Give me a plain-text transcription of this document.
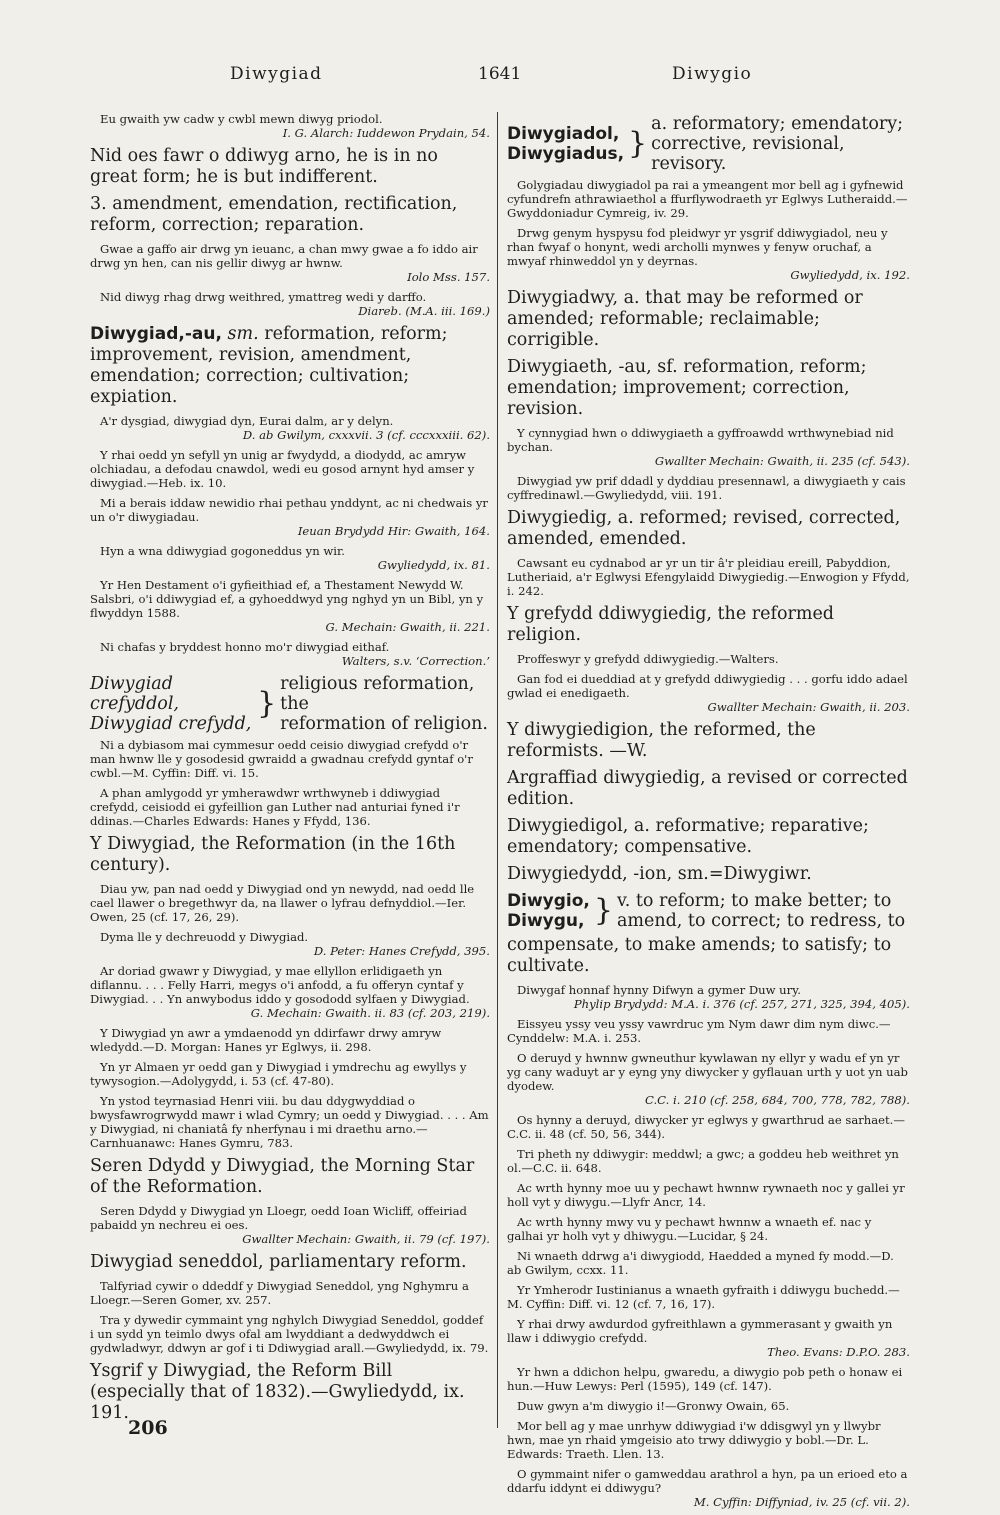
Diwygiad	1641	Diwygio

Eu gwaith yw cadw y cwbl mewn diwyg priodol.

I. G. Alarch: Iuddewon Prydain, 54.

Nid oes fawr o ddiwyg arno, he is in no great form; he is but indifferent.

3. amendment, emendation, rectification, reform, correction; reparation.

Gwae a gaffo air drwg yn ieuanc, a chan mwy gwae a fo iddo air drwg yn hen, can nis gellir diwyg ar hwnw.

Iolo Mss. 157.

Nid diwyg rhag drwg weithred, ymattreg wedi y darffo.

Diareb. (M.A. iii. 169.)

Diwygiad,-au, sm. reformation, reform; improvement, revision, amendment, emendation; correction; cultivation; expiation.

A'r dysgiad, diwygiad dyn, Eurai dalm, ar y delyn.

D. ab Gwilym, cxxxvii. 3 (cf. cccxxxiii. 62).

Y rhai oedd yn sefyll yn unig ar fwydydd, a diodydd, ac amryw olchiadau, a defodau cnawdol, wedi eu gosod arnynt hyd amser y diwygiad.—Heb. ix. 10.

Mi a berais iddaw newidio rhai pethau ynddynt, ac ni chedwais yr un o'r diwygiadau.

Ieuan Brydydd Hir: Gwaith, 164.

Hyn a wna ddiwygiad gogoneddus yn wir.

Gwyliedydd, ix. 81.

Yr Hen Destament o'i gyfieithiad ef, a Thestament Newydd W. Salsbri, o'i ddiwygiad ef, a gyhoeddwyd yng nghyd yn un Bibl, yn y flwyddyn 1588.

G. Mechain: Gwaith, ii. 221.

Ni chafas y bryddest honno mo'r diwygiad eithaf.

Walters, s.v. ‘Correction.’

Diwygiad crefyddol,
Diwygiad crefydd,
}
religious reformation, the
reformation of religion.

Ni a dybiasom mai cymmesur oedd ceisio diwygiad crefydd o'r man hwnw lle y gosodesid gwraidd a gwadnau crefydd gyntaf o'r cwbl.—M. Cyffin: Diff. vi. 15.

A phan amlygodd yr ymherawdwr wrthwyneb i ddiwygiad crefydd, ceisiodd ei gyfeillion gan Luther nad anturiai fyned i'r ddinas.—Charles Edwards: Hanes y Ffydd, 136.

Y Diwygiad, the Reformation (in the 16th century).

Diau yw, pan nad oedd y Diwygiad ond yn newydd, nad oedd lle cael llawer o bregethwyr da, na llawer o lyfrau defnyddiol.—Ier. Owen, 25 (cf. 17, 26, 29).

Dyma lle y dechreuodd y Diwygiad.

D. Peter: Hanes Crefydd, 395.

Ar doriad gwawr y Diwygiad, y mae ellyllon erlidigaeth yn diflannu. . . . Felly Harri, megys o'i anfodd, a fu offeryn cyntaf y Diwygiad. . . Yn anwybodus iddo y gosododd sylfaen y Diwygiad.

G. Mechain: Gwaith. ii. 83 (cf. 203, 219).

Y Diwygiad yn awr a ymdaenodd yn ddirfawr drwy amryw wledydd.—D. Morgan: Hanes yr Eglwys, ii. 298.

Yn yr Almaen yr oedd gan y Diwygiad i ymdrechu ag ewyllys y tywysogion.—Adolygydd, i. 53 (cf. 47-80).

Yn ystod teyrnasiad Henri viii. bu dau ddygwyddiad o bwysfawrogrwydd mawr i wlad Cymry; un oedd y Diwygiad. . . . Am y Diwygiad, ni chaniatâ fy nherfynau i mi draethu arno.—Carnhuanawc: Hanes Gymru, 783.

Seren Ddydd y Diwygiad, the Morning Star of the Reformation.

Seren Ddydd y Diwygiad yn Lloegr, oedd Ioan Wicliff, offeiriad pabaidd yn nechreu ei oes.

Gwallter Mechain: Gwaith, ii. 79 (cf. 197).

Diwygiad seneddol, parliamentary reform.

Talfyriad cywir o ddeddf y Diwygiad Seneddol, yng Nghymru a Lloegr.—Seren Gomer, xv. 257.

Tra y dywedir cymmaint yng nghylch Diwygiad Seneddol, goddef i un sydd yn teimlo dwys ofal am lwyddiant a dedwyddwch ei gydwladwyr, ddwyn ar gof i ti Ddiwygiad arall.—Gwyliedydd, ix. 79.

Ysgrif y Diwygiad, the Reform Bill (especially that of 1832).—Gwyliedydd, ix. 191.

206
Diwygiadol,
Diwygiadus, }
a. reformatory; emendatory;
corrective, revisional, revisory.

Golygiadau diwygiadol pa rai a ymeangent mor bell ag i gyfnewid cyfundrefn athrawiaethol a ffurflywodraeth yr Eglwys Lutheraidd.—Gwyddoniadur Cymreig, iv. 29.

Drwg genym hyspysu fod pleidwyr yr ysgrif ddiwygiadol, neu y rhan fwyaf o honynt, wedi archolli mynwes y fenyw oruchaf, a mwyaf rhinweddol yn y deyrnas.

Gwyliedydd, ix. 192.

Diwygiadwy, a. that may be reformed or amended; reformable; reclaimable; corrigible.

Diwygiaeth, -au, sf. reformation, reform; emendation; improvement; correction, revision.

Y cynnygiad hwn o ddiwygiaeth a gyffroawdd wrthwynebiad nid bychan.

Gwallter Mechain: Gwaith, ii. 235 (cf. 543).

Diwygiad yw prif ddadl y dyddiau presennawl, a diwygiaeth y cais cyffredinawl.—Gwyliedydd, viii. 191.

Diwygiedig, a. reformed; revised, corrected, amended, emended.

Cawsant eu cydnabod ar yr un tir â'r pleidiau ereill, Pabyddion, Lutheriaid, a'r Eglwysi Efengylaidd Diwygiedig.—Enwogion y Ffydd, i. 242.

Y grefydd ddiwygiedig, the reformed religion.

Proffeswyr y grefydd ddiwygiedig.—Walters.

Gan fod ei dueddiad at y grefydd ddiwygiedig . . . gorfu iddo adael gwlad ei enedigaeth.

Gwallter Mechain: Gwaith, ii. 203.

Y diwygiedigion, the reformed, the reformists. —W.

Argraffiad diwygiedig, a revised or corrected edition.

Diwygiedigol, a. reformative; reparative; emendatory; compensative.

Diwygiedydd, -ion, sm.=Diwygiwr.

Diwygio,
Diwygu, } v. to reform; to make better; to
amend, to correct; to redress, to

compensate, to make amends; to satisfy; to cultivate.

Diwygaf honnaf hynny Difwyn a gymer Duw ury.

Phylip Brydydd: M.A. i. 376 (cf. 257, 271, 325, 394, 405).

Eissyeu yssy veu yssy vawrdruc ym Nym dawr dim nym diwc.—Cynddelw: M.A. i. 253.

O deruyd y hwnnw gwneuthur kywlawan ny ellyr y wadu ef yn yr yg cany waduyt ar y eyng yny diwycker y gyflauan urth y uot yn uab dyodew.

C.C. i. 210 (cf. 258, 684, 700, 778, 782, 788).

Os hynny a deruyd, diwycker yr eglwys y gwarthrud ae sarhaet.—C.C. ii. 48 (cf. 50, 56, 344).

Tri pheth ny ddiwygir: meddwl; a gwc; a goddeu heb weithret yn ol.—C.C. ii. 648.

Ac wrth hynny moe uu y pechawt hwnnw rywnaeth noc y gallei yr holl vyt y diwygu.—Llyfr Ancr, 14.

Ac wrth hynny mwy vu y pechawt hwnnw a wnaeth ef. nac y galhai yr holh vyt y dhiwygu.—Lucidar, § 24.

Ni wnaeth ddrwg a'i diwygiodd, Haedded a myned fy modd.—D. ab Gwilym, ccxx. 11.

Yr Ymherodr Iustinianus a wnaeth gyfraith i ddiwygu buchedd.—M. Cyffin: Diff. vi. 12 (cf. 7, 16, 17).

Y rhai drwy awdurdod gyfreithlawn a gymmerasant y gwaith yn llaw i ddiwygio crefydd.

Theo. Evans: D.P.O. 283.

Yr hwn a ddichon helpu, gwaredu, a diwygio pob peth o honaw ei hun.—Huw Lewys: Perl (1595), 149 (cf. 147).

Duw gwyn a'm diwygio i!—Gronwy Owain, 65.

Mor bell ag y mae unrhyw ddiwygiad i'w ddisgwyl yn y llwybr hwn, mae yn rhaid ymgeisio ato trwy ddiwygio y bobl.—Dr. L. Edwards: Traeth. Llen. 13.

O gymmaint nifer o gamweddau arathrol a hyn, pa un erioed eto a ddarfu iddynt ei ddiwygu?

M. Cyffin: Diffyniad, iv. 25 (cf. vii. 2).
